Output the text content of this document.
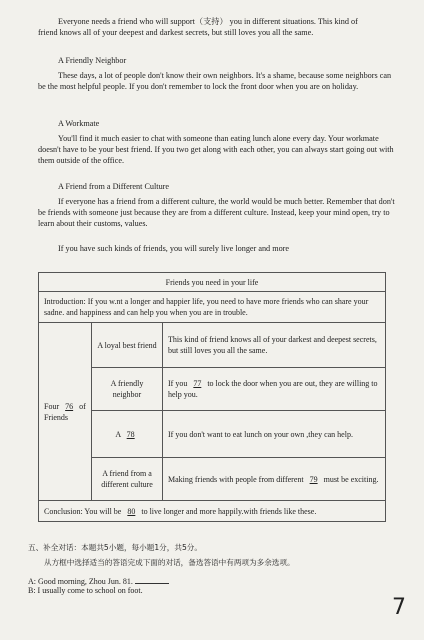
Everyone needs a friend who will support（支持） you in different situations. This kind of
friend knows all of your deepest and darkest secrets, but still loves you all the same.

A Friendly Neighbor

These days, a lot of people don't know their own neighbors. It's a shame, because some neighbors can be the most helpful people. If you don't remember to lock the front door when you are on holiday.

A Workmate

You'll find it much easier to chat with someone than eating lunch alone every day. Your workmate doesn't have to be your best friend. If you two get along with each other, you can always start going out with them outside of the office.

A Friend from a Different Culture

If everyone has a friend from a different culture, the world would be much better. Remember that don't be friends with someone just because they are from a different culture. Instead, keep your mind open, try to learn about their customs, values.

If you have such kinds of friends, you will surely live longer and more

Friends you need in your life		
Introduction: If you w.nt a longer and happier life, you need to have more friends who can share your sadne. and happiness and can help you when you are in trouble.		
Four 76 of
Friends	A loyal best friend	This kind of friend knows all of your darkest and deepest secrets, but still loves you all the same.
	A friendly neighbor	If you 77 to lock the door when you are out, they are willing to help you.
	A 78	If you don't want to eat lunch on your own ,they can help.
	A friend from a different culture	Making friends with people from different 79 must be exciting.
Conclusion: You will be 80 to live longer and more happily.with friends like these.		

五、补全对话：本题共5小题，每小题1分，共5分。

从方框中选择适当的答语完成下面的对话，备选答语中有两项为多余选项。

A: Good morning, Zhou Jun. 81.

B: I usually come to school on foot.

7
